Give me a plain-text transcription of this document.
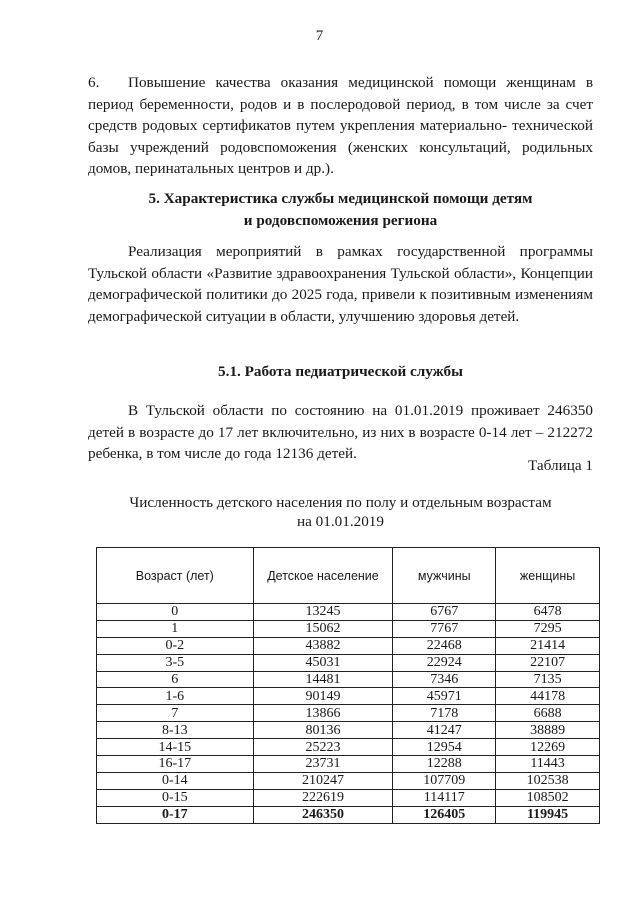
7

6. Повышение качества оказания медицинской помощи женщинам в период беременности, родов и в послеродовой период, в том числе за счет средств родовых сертификатов путем укрепления материально- технической базы учреждений родовспоможения (женских консультаций, родильных домов, перинатальных центров и др.).

5. Характеристика службы медицинской помощи детям
и родовспоможения региона

Реализация мероприятий в рамках государственной программы Тульской области «Развитие здравоохранения Тульской области», Концепции демографической политики до 2025 года, привели к позитивным изменениям демографической ситуации в области, улучшению здоровья детей.

5.1. Работа педиатрической службы

В Тульской области по состоянию на 01.01.2019 проживает 246350 детей в возрасте до 17 лет включительно, из них в возрасте 0-14 лет – 212272 ребенка, в том числе до года 12136 детей.

Таблица 1
Численность детского населения по полу и отдельным возрастам
на 01.01.2019
Возраст (лет)	Детское население	мужчины	женщины
0	13245	6767	6478
1	15062	7767	7295
0-2	43882	22468	21414
3-5	45031	22924	22107
6	14481	7346	7135
1-6	90149	45971	44178
7	13866	7178	6688
8-13	80136	41247	38889
14-15	25223	12954	12269
16-17	23731	12288	11443
0-14	210247	107709	102538
0-15	222619	114117	108502
0-17	246350	126405	119945
